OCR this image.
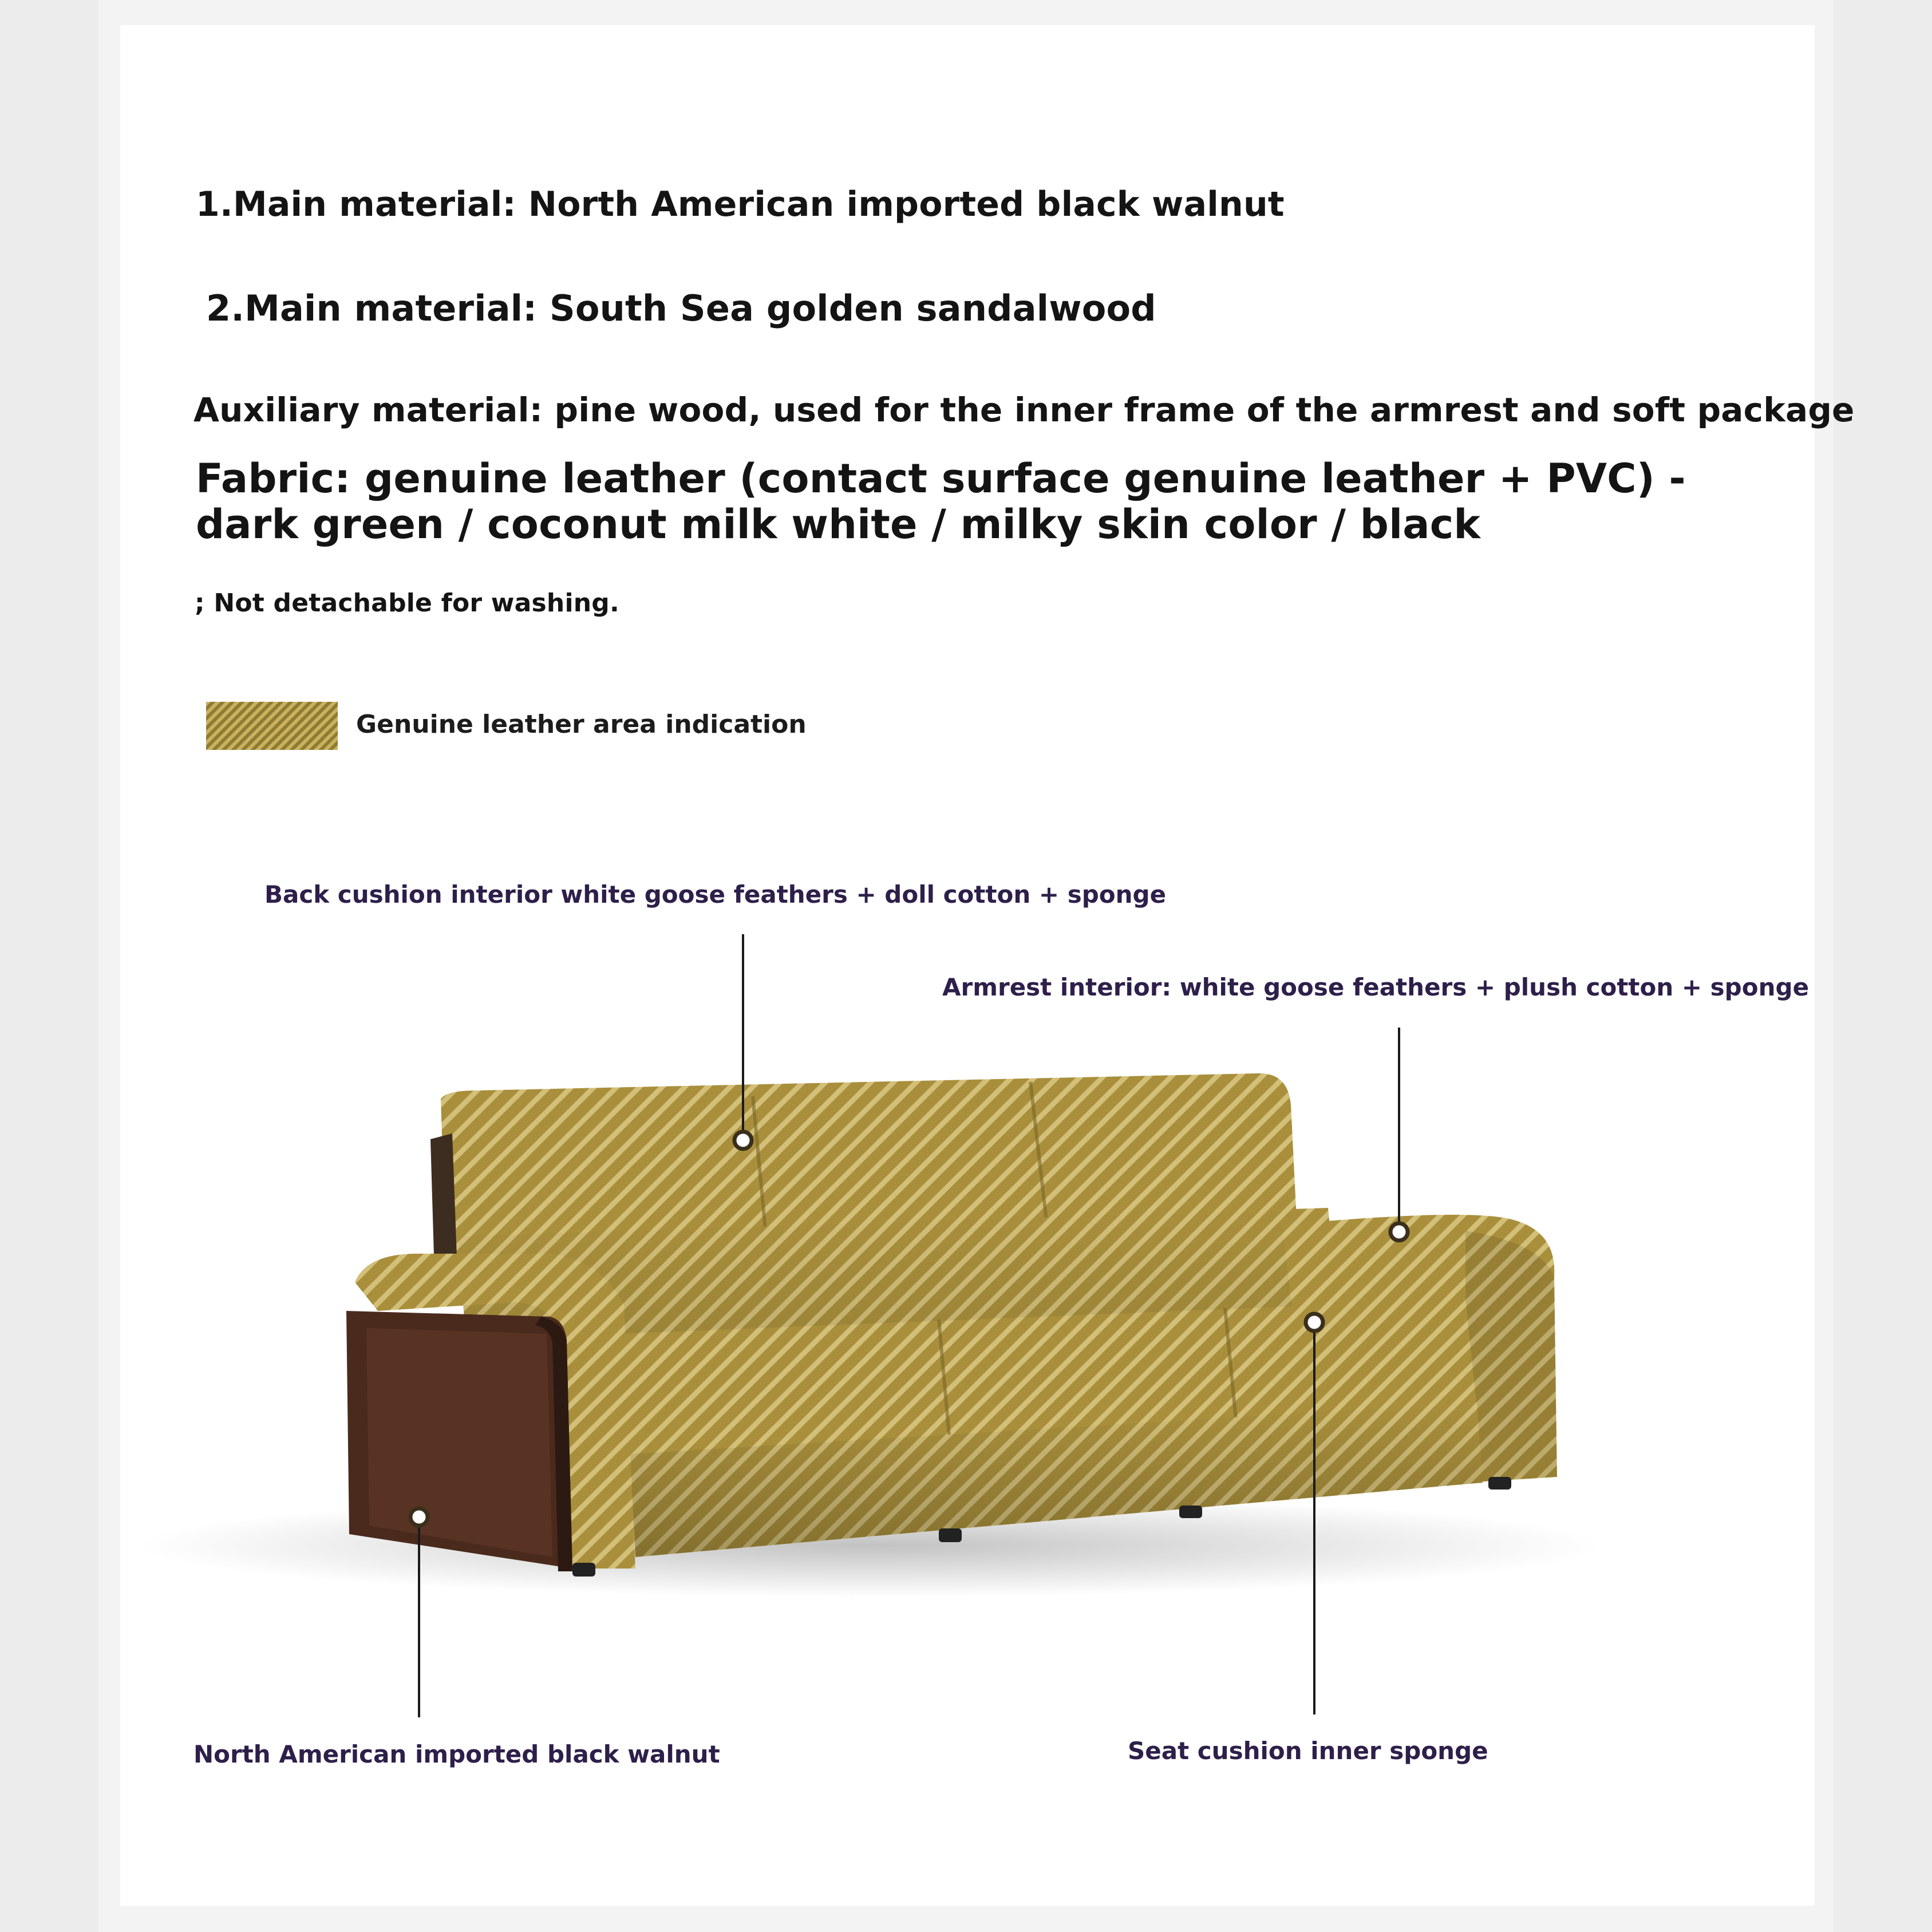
1.Main material: North American imported black walnut

2.Main material: South Sea golden sandalwood

Auxiliary material: pine wood, used for the inner frame of the armrest and soft package

Fabric: genuine leather (contact surface genuine leather + PVC) - dark green / coconut milk white / milky skin color / black

; Not detachable for washing.

Genuine leather area indication

Back cushion interior white goose feathers + doll cotton + sponge

Armrest interior: white goose feathers + plush cotton + sponge

North American imported black walnut	Seat cushion inner sponge
